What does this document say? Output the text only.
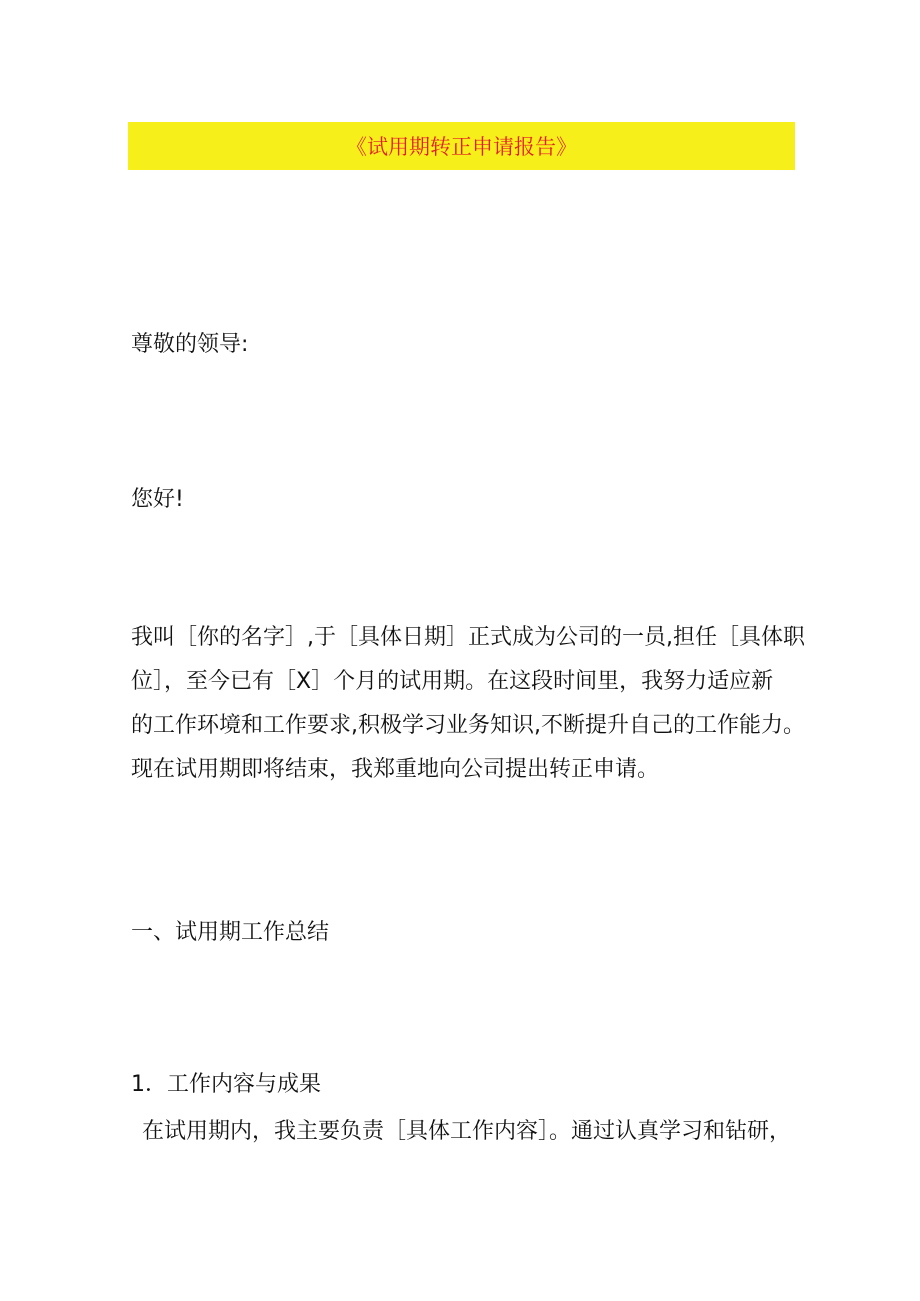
《试用期转正申请报告》
尊敬的领导:
您好!
我叫［你的名字］,于［具体日期］正式成为公司的一员,担任［具体职
位］，至今已有［X］个月的试用期。在这段时间里，我努力适应新
的工作环境和工作要求,积极学习业务知识,不断提升自己的工作能力。
现在试用期即将结束，我郑重地向公司提出转正申请。
一、试用期工作总结
1．工作内容与成果
在试用期内，我主要负责［具体工作内容］。通过认真学习和钻研，
